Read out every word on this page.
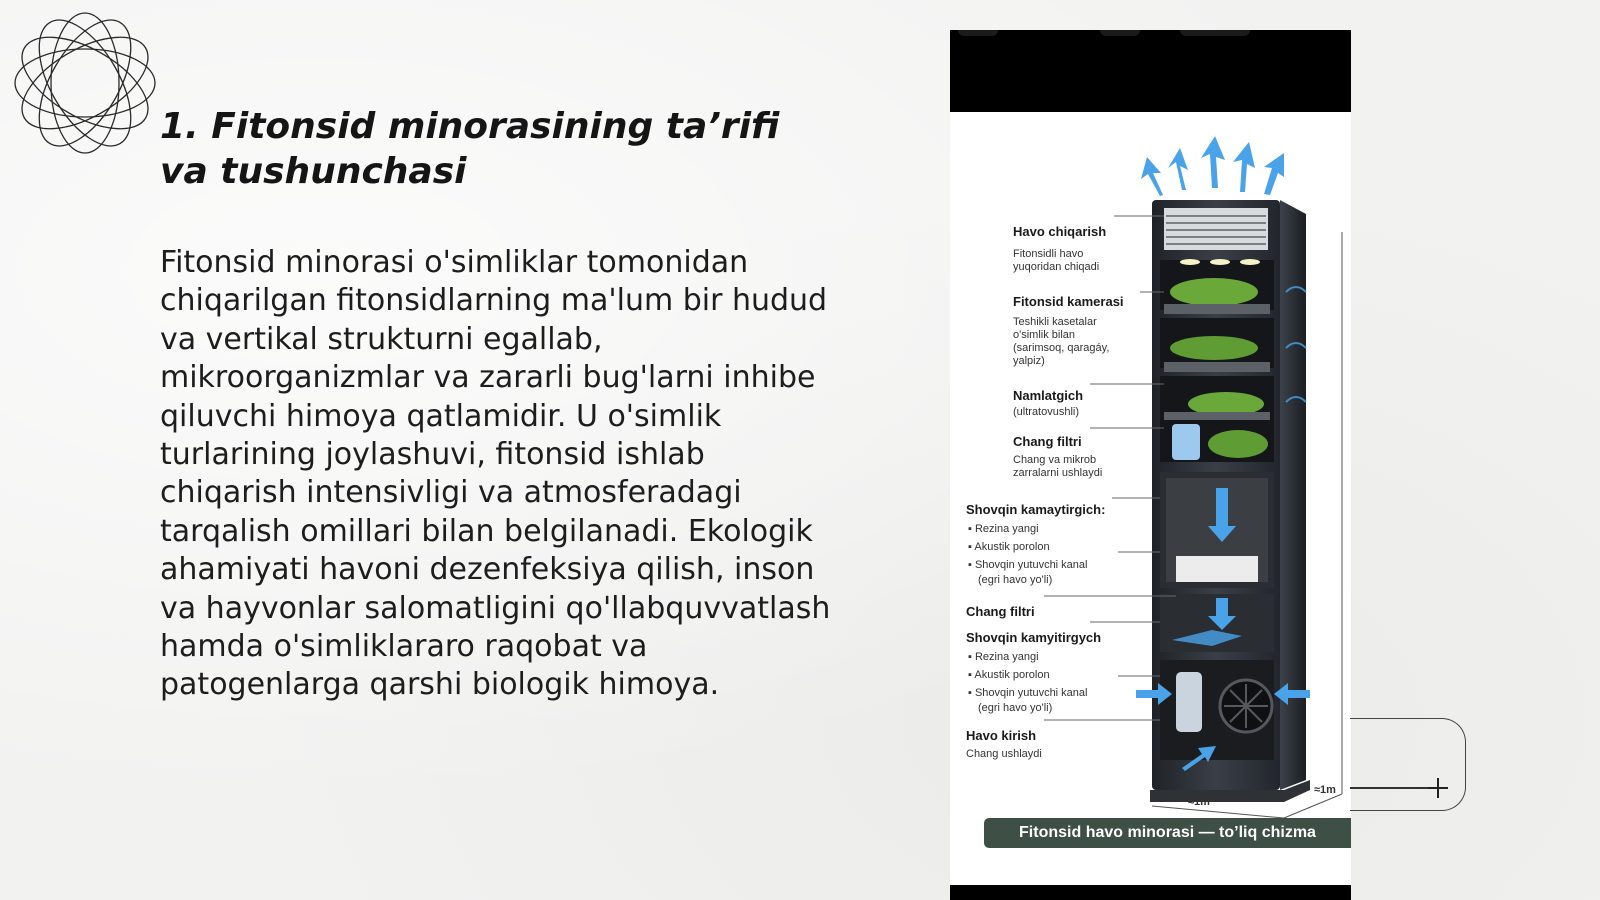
1. Fitonsid minorasining ta’rifi va tushunchasi

Fitonsid minorasi o'simliklar tomonidan chiqarilgan fitonsidlarning ma'lum bir hudud va vertikal strukturni egallab, mikroorganizmlar va zararli bug'larni inhibe qiluvchi himoya qatlamidir. U o'simlik turlarining joylashuvi, fitonsid ishlab chiqarish intensivligi va atmosferadagi tarqalish omillari bilan belgilanadi. Ekologik ahamiyati havoni dezenfeksiya qilish, inson va hayvonlar salomatligini qo'llabquvvatlash hamda o'simliklararo raqobat va patogenlarga qarshi biologik himoya.

Havo chiqarish
Fitonsidli havo
yuqoridan chiqadi
Fitonsid kamerasi
Teshikli kasetalar
o'simlik bilan
(sarimsoq, qaragáy,
yalpiz)
Namlatgich
(ultratovushli)
Chang filtri
Chang va mikrob
zarralarni ushlaydi
Shovqin kamaytirgich:
▪ Rezina yangi
▪ Akustik porolon
▪ Shovqin yutuvchi kanal
(egri havo yo'li)
Chang filtri
Shovqin kamyitirgych
▪ Rezina yangi
▪ Akustik porolon
▪ Shovqin yutuvchi kanal
(egri havo yo'li)
Havo kirish
Chang ushlaydi
≈1m
≈1m
Fitonsid havo minorasi — to’liq chizma
